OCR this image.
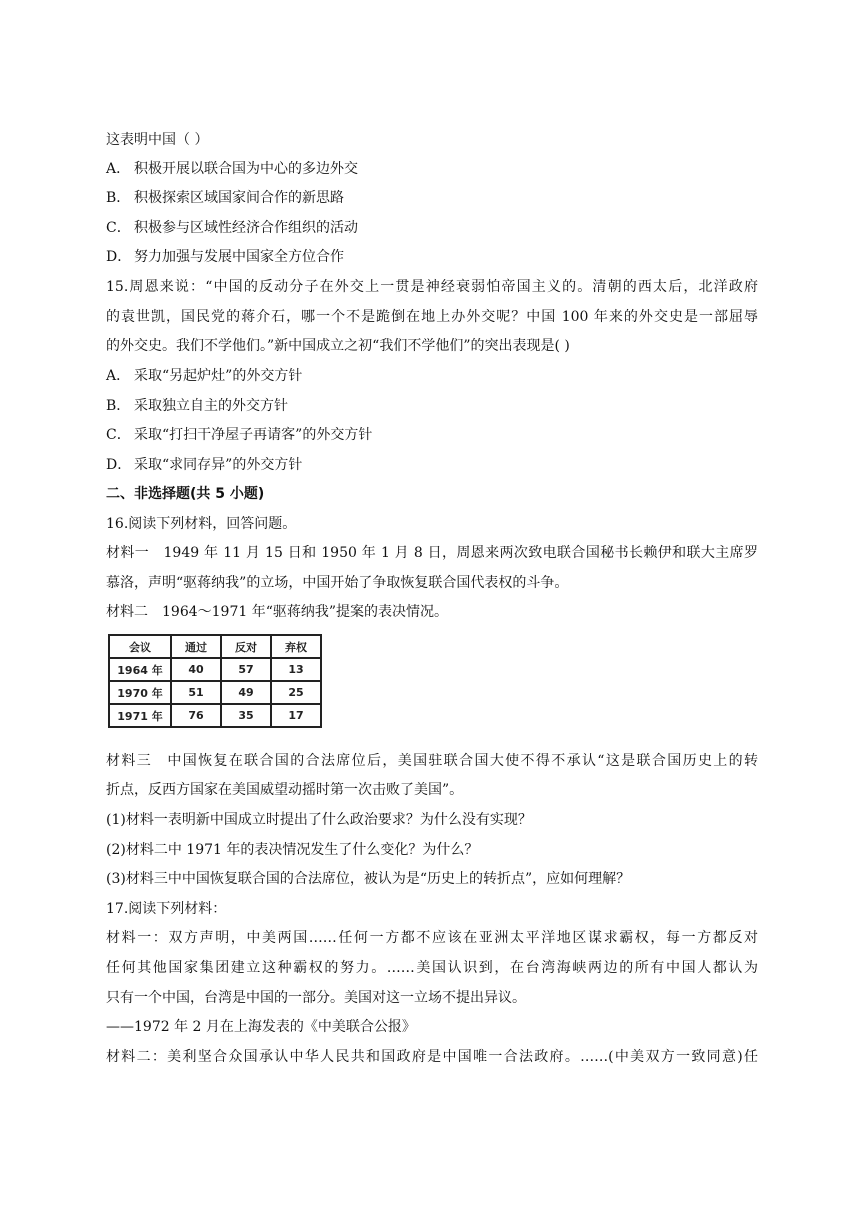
这表明中国（ ）
A． 积极开展以联合国为中心的多边外交
B． 积极探索区域国家间合作的新思路
C． 积极参与区域性经济合作组织的活动
D． 努力加强与发展中国家全方位合作
15.周恩来说：“中国的反动分子在外交上一贯是神经衰弱怕帝国主义的。清朝的西太后，北洋政府
的袁世凯，国民党的蒋介石，哪一个不是跪倒在地上办外交呢？中国 100 年来的外交史是一部屈辱
的外交史。我们不学他们。”新中国成立之初“我们不学他们”的突出表现是( )
A． 采取“另起炉灶”的外交方针
B． 采取独立自主的外交方针
C． 采取“打扫干净屋子再请客”的外交方针
D． 采取“求同存异”的外交方针
二、非选择题(共 5 小题)
16.阅读下列材料，回答问题。
材料一　1949 年 11 月 15 日和 1950 年 1 月 8 日，周恩来两次致电联合国秘书长赖伊和联大主席罗
慕洛，声明“驱蒋纳我”的立场，中国开始了争取恢复联合国代表权的斗争。
材料二　1964～1971 年“驱蒋纳我”提案的表决情况。
会议	通过	反对	弃权
1964 年	40	57	13
1970 年	51	49	25
1971 年	76	35	17
材料三　中国恢复在联合国的合法席位后，美国驻联合国大使不得不承认“这是联合国历史上的转
折点，反西方国家在美国威望动摇时第一次击败了美国”。
(1)材料一表明新中国成立时提出了什么政治要求？为什么没有实现？
(2)材料二中 1971 年的表决情况发生了什么变化？为什么？
(3)材料三中中国恢复联合国的合法席位，被认为是“历史上的转折点”，应如何理解？
17.阅读下列材料：
材料一：双方声明，中美两国……任何一方都不应该在亚洲太平洋地区谋求霸权，每一方都反对
任何其他国家集团建立这种霸权的努力。……美国认识到，在台湾海峡两边的所有中国人都认为
只有一个中国，台湾是中国的一部分。美国对这一立场不提出异议。
——1972 年 2 月在上海发表的《中美联合公报》
材料二：美利坚合众国承认中华人民共和国政府是中国唯一合法政府。……(中美双方一致同意)任
